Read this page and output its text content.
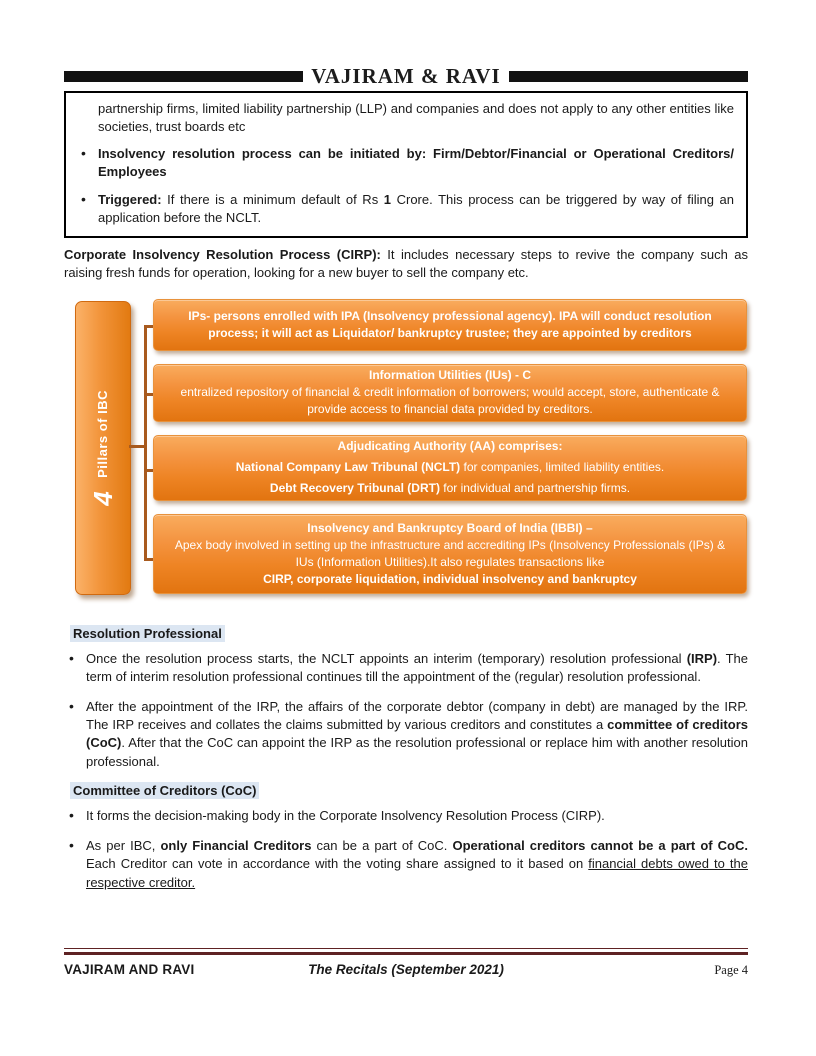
VAJIRAM & RAVI

partnership firms, limited liability partnership (LLP) and companies and does not apply to any other entities like societies, trust boards etc

• Insolvency resolution process can be initiated by: Firm/Debtor/Financial or Operational Creditors/ Employees
• Triggered: If there is a minimum default of Rs 1 Crore. This process can be triggered by way of filing an application before the NCLT.

Corporate Insolvency Resolution Process (CIRP): It includes necessary steps to revive the company such as raising fresh funds for operation, looking for a new buyer to sell the company etc.

4   Pillars of IBC
IPs- persons enrolled with IPA (Insolvency professional agency). IPA will conduct resolution process; it will act as Liquidator/ bankruptcy trustee; they are appointed by creditors
Information Utilities (IUs) - C
entralized repository of financial & credit information of borrowers; would accept, store, authenticate & provide access to financial data provided by creditors.
Adjudicating Authority (AA) comprises:
National Company Law Tribunal (NCLT) for companies, limited liability entities.
Debt Recovery Tribunal (DRT) for individual and partnership firms.
Insolvency and Bankruptcy Board of India (IBBI) –
Apex body involved in setting up the infrastructure and accrediting IPs (Insolvency Professionals (IPs) & IUs (Information Utilities).It also regulates transactions like
CIRP, corporate liquidation, individual insolvency and bankruptcy
Resolution Professional
• Once the resolution process starts, the NCLT appoints an interim (temporary) resolution professional (IRP). The term of interim resolution professional continues till the appointment of the (regular) resolution professional.
• After the appointment of the IRP, the affairs of the corporate debtor (company in debt) are managed by the IRP. The IRP receives and collates the claims submitted by various creditors and constitutes a committee of creditors (CoC). After that the CoC can appoint the IRP as the resolution professional or replace him with another resolution professional.
Committee of Creditors (CoC)
• It forms the decision-making body in the Corporate Insolvency Resolution Process (CIRP).
• As per IBC, only Financial Creditors can be a part of CoC. Operational creditors cannot be a part of CoC. Each Creditor can vote in accordance with the voting share assigned to it based on financial debts owed to the respective creditor.
VAJIRAM AND RAVI	The Recitals (September 2021)	Page 4
